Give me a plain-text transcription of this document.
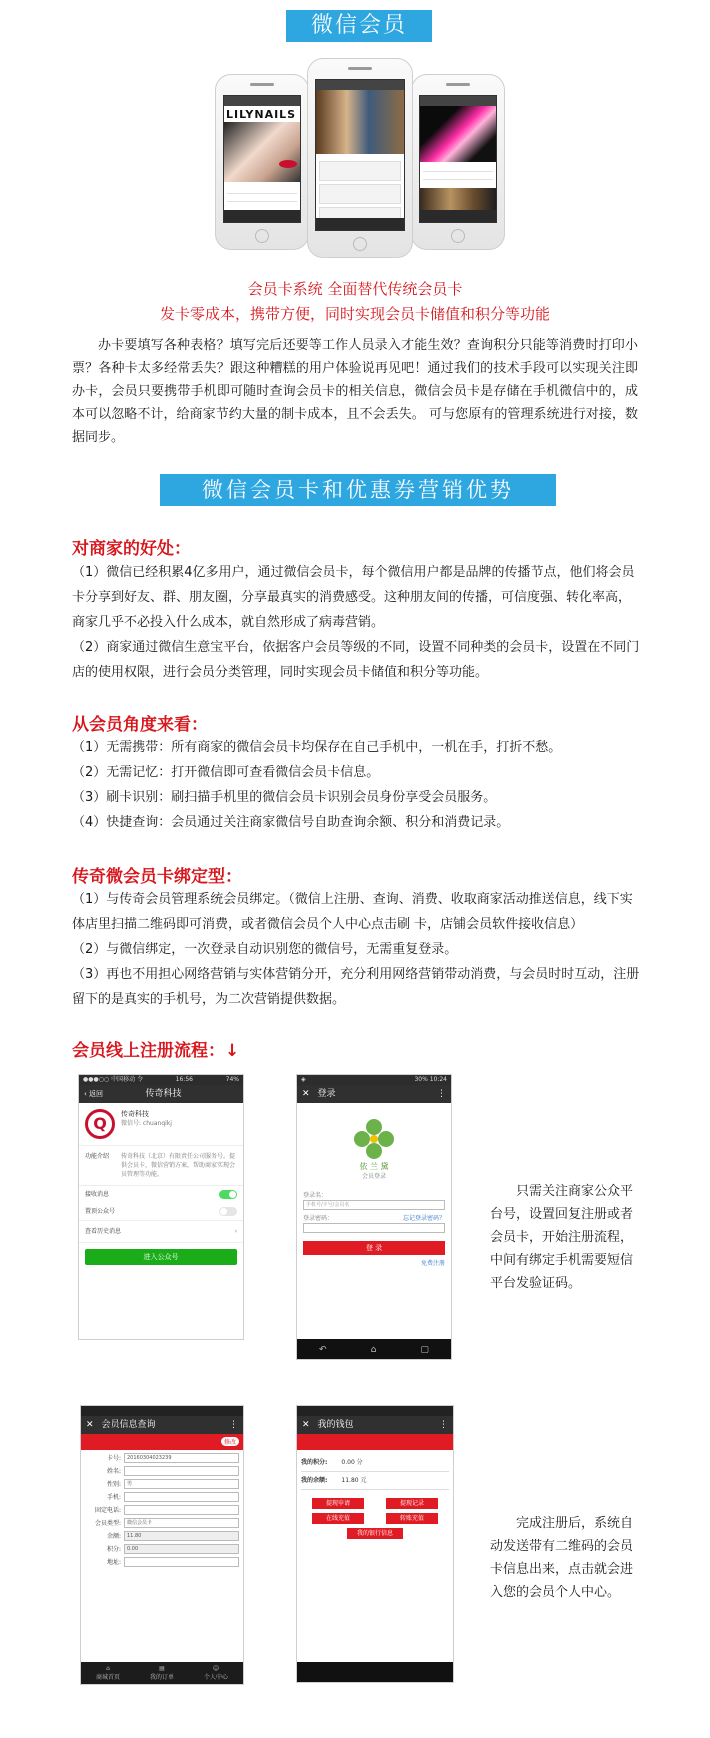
微信会员
LILYNAILS
会员卡系统 全面替代传统会员卡
发卡零成本，携带方便，同时实现会员卡储值和积分等功能
办卡要填写各种表格？填写完后还要等工作人员录入才能生效？查询积分只能等消费时打印小票？各种卡太多经常丢失？跟这种糟糕的用户体验说再见吧！通过我们的技术手段可以实现关注即办卡，会员只要携带手机即可随时查询会员卡的相关信息，微信会员卡是存储在手机微信中的，成本可以忽略不计，给商家节约大量的制卡成本，且不会丢失。 可与您原有的管理系统进行对接，数据同步。
微信会员卡和优惠券营销优势
对商家的好处：

（1）微信已经积累4亿多用户，通过微信会员卡，每个微信用户都是品牌的传播节点，他们将会员卡分享到好友、群、朋友圈，分享最真实的消费感受。这种朋友间的传播，可信度强、转化率高，商家几乎不必投入什么成本，就自然形成了病毒营销。

（2）商家通过微信生意宝平台，依据客户会员等级的不同，设置不同种类的会员卡，设置在不同门店的使用权限，进行会员分类管理，同时实现会员卡储值和积分等功能。

从会员角度来看：

（1）无需携带：所有商家的微信会员卡均保存在自己手机中，一机在手，打折不愁。

（2）无需记忆：打开微信即可查看微信会员卡信息。

（3）刷卡识别：刷扫描手机里的微信会员卡识别会员身份享受会员服务。

（4）快捷查询：会员通过关注商家微信号自助查询余额、积分和消费记录。

传奇微会员卡绑定型：

（1）与传奇会员管理系统会员绑定。（微信上注册、查询、消费、收取商家活动推送信息，线下实体店里扫描二维码即可消费，或者微信会员个人中心点击刷 卡，店铺会员软件接收信息）

（2）与微信绑定，一次登录自动识别您的微信号，无需重复登录。

（3）再也不用担心网络营销与实体营销分开，充分利用网络营销带动消费，与会员时时互动，注册留下的是真实的手机号，为二次营销提供数据。

会员线上注册流程：↓
●●●○○ 中国移动 令	16:56	74%
‹ 返回	传奇科技
Q	传奇科技
微信号: chuanqikj
功能介绍	传奇科技（北京）有限责任公司服务号。提供会员卡、微信营销方案，帮助商家实现会员管理等功能。
接收消息
置顶公众号
查看历史消息	›
进入公众号
◈	30% 10:24
✕ 登录	⋮
依 兰 黛
会员登录
登录名：
手机号/卡号/会员名
登录密码：	忘记登录密码？
登 录
免费注册
↶	⌂	▢
只需关注商家公众平台号，设置回复注册或者会员卡，开始注册流程，中间有绑定手机需要短信平台发验证码。
✕ 会员信息查询	⋮
修改
卡号:	20160304023239
姓名:
性别:	男
手机:
固定电话:
会员类型:	微信会员卡
余额:	11.80
积分:	0.00
地址:
⌂
商城首页
▤
我的订单
☺
个人中心
✕ 我的钱包	⋮
我的积分: 0.00 分
我的余额: 11.80 元
提现申请	提现记录
在线充值	转账充值
我的银行信息
完成注册后，系统自动发送带有二维码的会员卡信息出来，点击就会进入您的会员个人中心。
